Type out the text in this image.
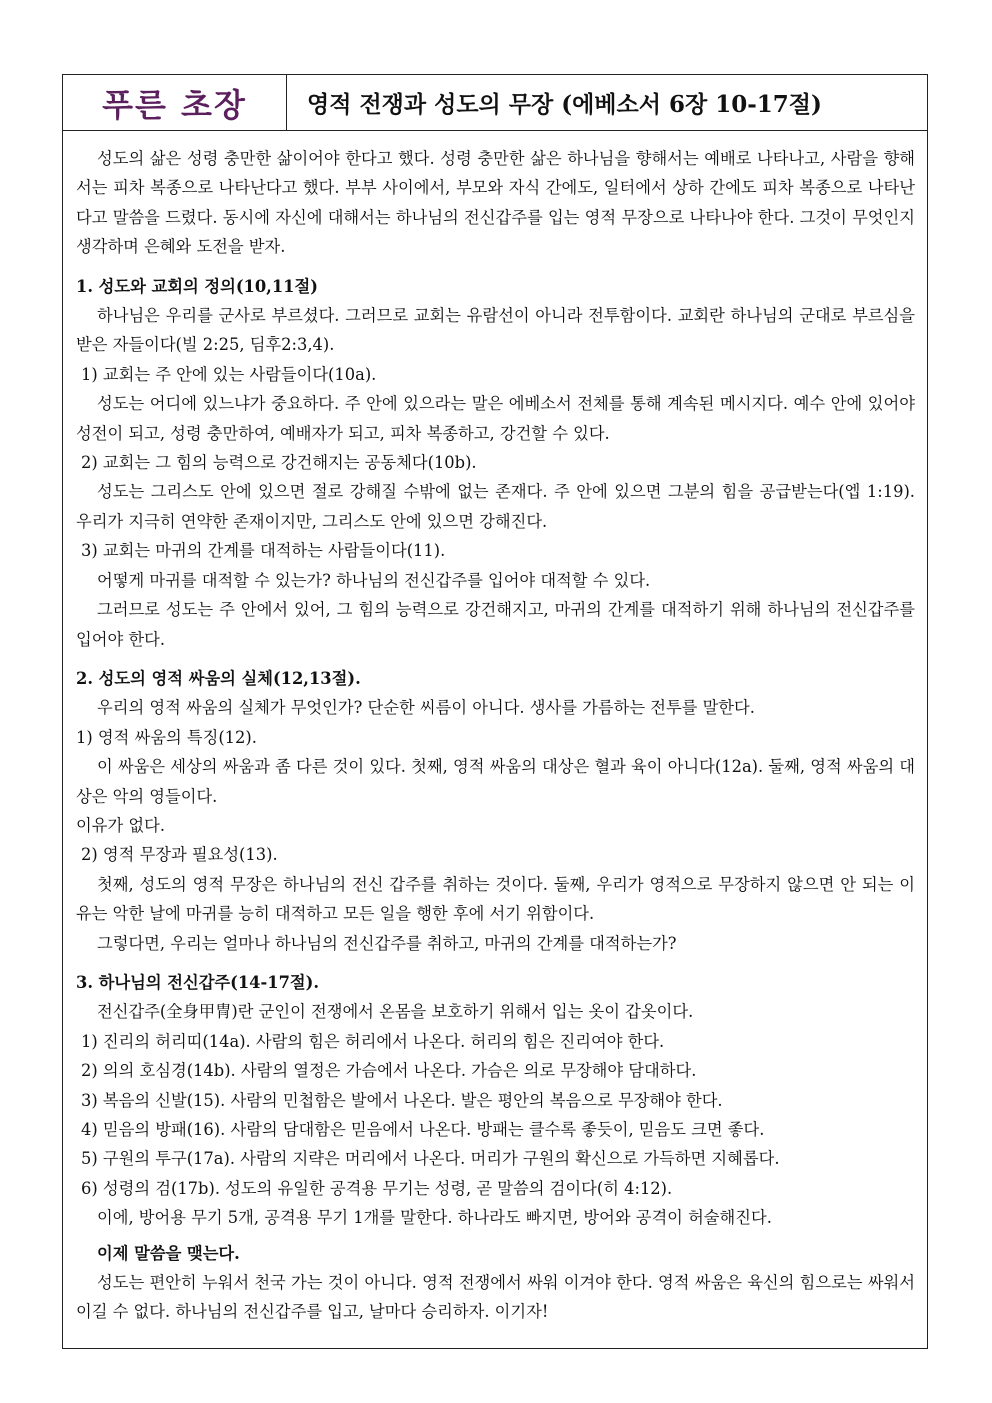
푸른 초장	영적 전쟁과 성도의 무장 (에베소서 6장 10-17절)

성도의 삶은 성령 충만한 삶이어야 한다고 했다. 성령 충만한 삶은 하나님을 향해서는 예배로 나타나고, 사람을 향해서는 피차 복종으로 나타난다고 했다. 부부 사이에서, 부모와 자식 간에도, 일터에서 상하 간에도 피차 복종으로 나타난다고 말씀을 드렸다. 동시에 자신에 대해서는 하나님의 전신갑주를 입는 영적 무장으로 나타나야 한다. 그것이 무엇인지 생각하며 은혜와 도전을 받자.

1. 성도와 교회의 정의(10,11절)

하나님은 우리를 군사로 부르셨다. 그러므로 교회는 유람선이 아니라 전투함이다. 교회란 하나님의 군대로 부르심을 받은 자들이다(빌 2:25, 딤후2:3,4).

1) 교회는 주 안에 있는 사람들이다(10a).

성도는 어디에 있느냐가 중요하다. 주 안에 있으라는 말은 에베소서 전체를 통해 계속된 메시지다. 예수 안에 있어야 성전이 되고, 성령 충만하여, 예배자가 되고, 피차 복종하고, 강건할 수 있다.

2) 교회는 그 힘의 능력으로 강건해지는 공동체다(10b).

성도는 그리스도 안에 있으면 절로 강해질 수밖에 없는 존재다. 주 안에 있으면 그분의 힘을 공급받는다(엡 1:19). 우리가 지극히 연약한 존재이지만, 그리스도 안에 있으면 강해진다.

3) 교회는 마귀의 간계를 대적하는 사람들이다(11).

어떻게 마귀를 대적할 수 있는가? 하나님의 전신갑주를 입어야 대적할 수 있다.

그러므로 성도는 주 안에서 있어, 그 힘의 능력으로 강건해지고, 마귀의 간계를 대적하기 위해 하나님의 전신갑주를 입어야 한다.

2. 성도의 영적 싸움의 실체(12,13절).

우리의 영적 싸움의 실체가 무엇인가? 단순한 씨름이 아니다. 생사를 가름하는 전투를 말한다.

1) 영적 싸움의 특징(12).

이 싸움은 세상의 싸움과 좀 다른 것이 있다. 첫째, 영적 싸움의 대상은 혈과 육이 아니다(12a). 둘째, 영적 싸움의 대상은 악의 영들이다.

이유가 없다.

2) 영적 무장과 필요성(13).

첫째, 성도의 영적 무장은 하나님의 전신 갑주를 취하는 것이다. 둘째, 우리가 영적으로 무장하지 않으면 안 되는 이유는 악한 날에 마귀를 능히 대적하고 모든 일을 행한 후에 서기 위함이다.

그렇다면, 우리는 얼마나 하나님의 전신갑주를 취하고, 마귀의 간계를 대적하는가?

3. 하나님의 전신갑주(14-17절).

전신갑주(全身甲冑)란 군인이 전쟁에서 온몸을 보호하기 위해서 입는 옷이 갑옷이다.

1) 진리의 허리띠(14a). 사람의 힘은 허리에서 나온다. 허리의 힘은 진리여야 한다.

2) 의의 호심경(14b). 사람의 열정은 가슴에서 나온다. 가슴은 의로 무장해야 담대하다.

3) 복음의 신발(15). 사람의 민첩함은 발에서 나온다. 발은 평안의 복음으로 무장해야 한다.

4) 믿음의 방패(16). 사람의 담대함은 믿음에서 나온다. 방패는 클수록 좋듯이, 믿음도 크면 좋다.

5) 구원의 투구(17a). 사람의 지략은 머리에서 나온다. 머리가 구원의 확신으로 가득하면 지혜롭다.

6) 성령의 검(17b). 성도의 유일한 공격용 무기는 성령, 곧 말씀의 검이다(히 4:12).

이에, 방어용 무기 5개, 공격용 무기 1개를 말한다. 하나라도 빠지면, 방어와 공격이 허술해진다.

이제 말씀을 맺는다.

성도는 편안히 누워서 천국 가는 것이 아니다. 영적 전쟁에서 싸워 이겨야 한다. 영적 싸움은 육신의 힘으로는 싸워서 이길 수 없다. 하나님의 전신갑주를 입고, 날마다 승리하자. 이기자!
